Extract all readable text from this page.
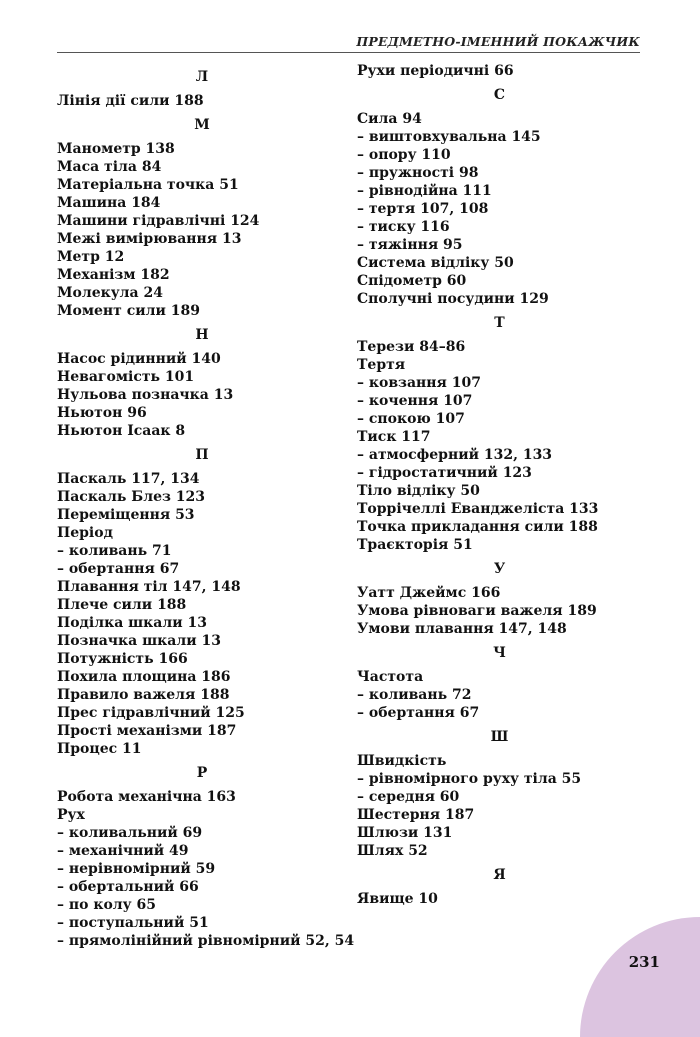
ПРЕДМЕТНО-ІМЕННИЙ ПОКАЖЧИК
Л
Лінія дії сили 188
М
Манометр 138
Маса тіла 84
Матеріальна точка 51
Машина 184
Машини гідравлічні 124
Межі вимірювання 13
Метр 12
Механізм 182
Молекула 24
Момент сили 189
Н
Насос рідинний 140
Невагомість 101
Нульова позначка 13
Ньютон 96
Ньютон Ісаак 8
П
Паскаль 117, 134
Паскаль Блез 123
Переміщення 53
Період
– коливань 71
– обертання 67
Плавання тіл 147, 148
Плече сили 188
Поділка шкали 13
Позначка шкали 13
Потужність 166
Похила площина 186
Правило важеля 188
Прес гідравлічний 125
Прості механізми 187
Процес 11
Р
Робота механічна 163
Рух
– коливальний 69
– механічний 49
– нерівномірний 59
– обертальний 66
– по колу 65
– поступальний 51
– прямолінійний рівномірний 52, 54
Рухи періодичні 66
С
Сила 94
– виштовхувальна 145
– опору 110
– пружності 98
– рівнодійна 111
– тертя 107, 108
– тиску 116
– тяжіння 95
Система відліку 50
Спідометр 60
Сполучні посудини 129
Т
Терези 84–86
Тертя
– ковзання 107
– кочення 107
– спокою 107
Тиск 117
– атмосферний 132, 133
– гідростатичний 123
Тіло відліку 50
Торрічеллі Еванджеліста 133
Точка прикладання сили 188
Траєкторія 51
У
Уатт Джеймс 166
Умова рівноваги важеля 189
Умови плавання 147, 148
Ч
Частота
– коливань 72
– обертання 67
Ш
Швидкість
– рівномірного руху тіла 55
– середня 60
Шестерня 187
Шлюзи 131
Шлях 52
Я
Явище 10
231
